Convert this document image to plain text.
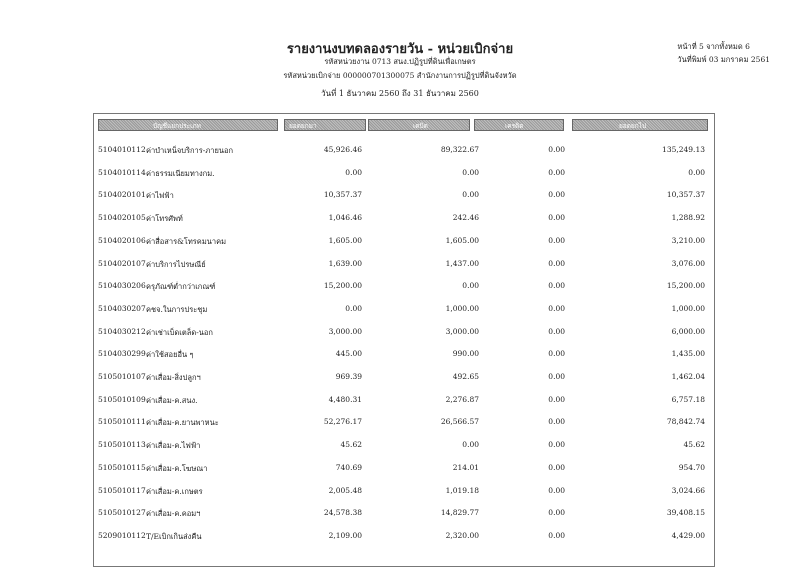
รายงานงบทดลองรายวัน - หน่วยเบิกจ่าย
รหัสหน่วยงาน 0713 สนง.ปฏิรูปที่ดินเพื่อเกษตร
รหัสหน่วยเบิกจ่าย 000000701300075 สำนักงานการปฏิรูปที่ดินจังหวัด
วันที่ 1 ธันวาคม 2560 ถึง 31 ธันวาคม 2560
หน้าที่ 5 จากทั้งหมด 6
วันที่พิมพ์ 03 มกราคม 2561
บัญชีแยกประเภท	ยอดยกมา	เดบิต	เครดิต	ยอดยกไป
5104010112 ค่าบำเหน็จบริการ-ภายนอก	45,926.46	89,322.67	0.00	135,249.13
5104010114 ค่าธรรมเนียมทางกม.	0.00	0.00	0.00	0.00
5104020101 ค่าไฟฟ้า	10,357.37	0.00	0.00	10,357.37
5104020105 ค่าโทรศัพท์	1,046.46	242.46	0.00	1,288.92
5104020106 ค่าสื่อสาร&โทรคมนาคม	1,605.00	1,605.00	0.00	3,210.00
5104020107 ค่าบริการไปรษณีย์	1,639.00	1,437.00	0.00	3,076.00
5104030206 ครุภัณฑ์ต่ำกว่าเกณฑ์	15,200.00	0.00	0.00	15,200.00
5104030207 คชจ.ในการประชุม	0.00	1,000.00	0.00	1,000.00
5104030212 ค่าเช่าเบ็ดเตล็ด-นอก	3,000.00	3,000.00	0.00	6,000.00
5104030299 ค่าใช้สอยอื่น ๆ	445.00	990.00	0.00	1,435.00
5105010107 ค่าเสื่อม-สิ่งปลูกฯ	969.39	492.65	0.00	1,462.04
5105010109 ค่าเสื่อม-ค.สนง.	4,480.31	2,276.87	0.00	6,757.18
5105010111 ค่าเสื่อม-ค.ยานพาหนะ	52,276.17	26,566.57	0.00	78,842.74
5105010113 ค่าเสื่อม-ค.ไฟฟ้า	45.62	0.00	0.00	45.62
5105010115 ค่าเสื่อม-ค.โฆษณา	740.69	214.01	0.00	954.70
5105010117 ค่าเสื่อม-ค.เกษตร	2,005.48	1,019.18	0.00	3,024.66
5105010127 ค่าเสื่อม-ค.คอมฯ	24,578.38	14,829.77	0.00	39,408.15
5209010112 T/Eเบิกเกินส่งคืน	2,109.00	2,320.00	0.00	4,429.00
